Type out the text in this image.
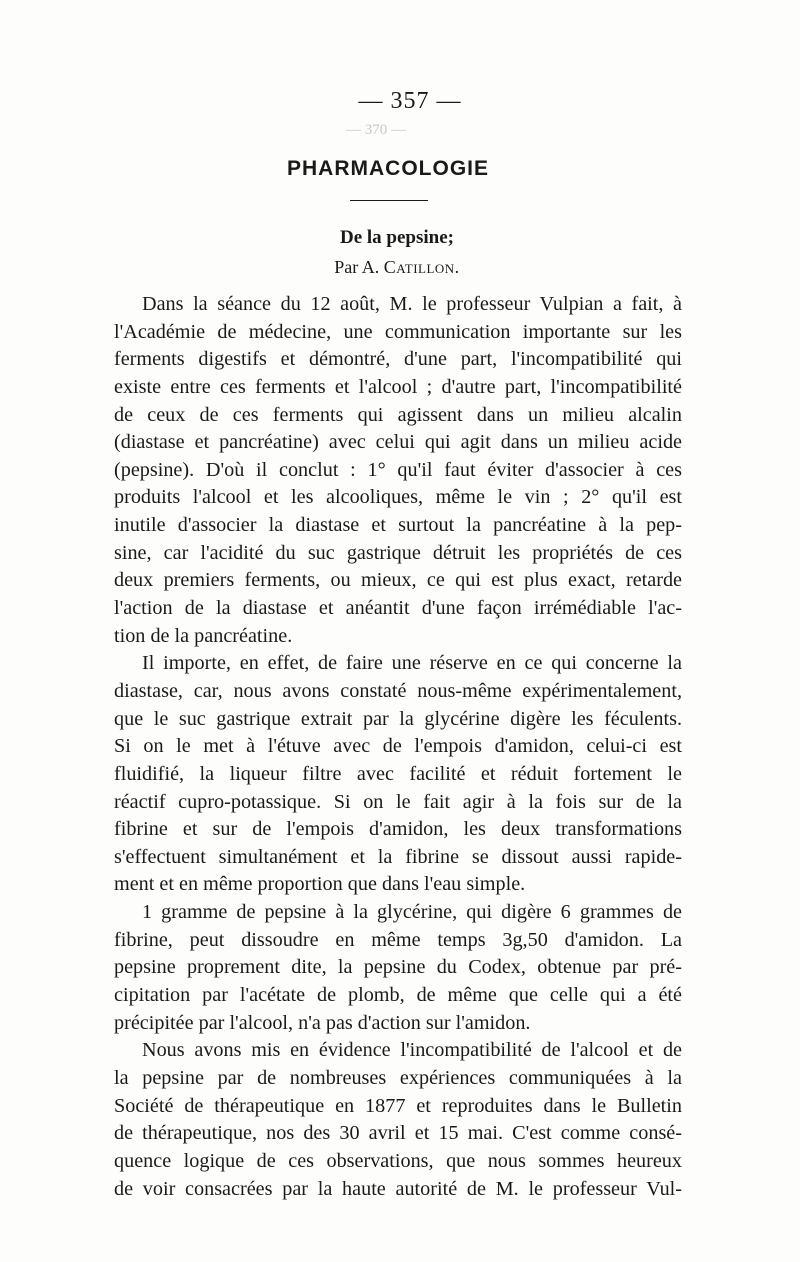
— 357 —
— 370 —
PHARMACOLOGIE
De la pepsine;
Par A. Catillon.
Dans la séance du 12 août, M. le professeur Vulpian a fait, à
l'Académie de médecine, une communication importante sur les
ferments digestifs et démontré, d'une part, l'incompatibilité qui
existe entre ces ferments et l'alcool ; d'autre part, l'incompatibilité
de ceux de ces ferments qui agissent dans un milieu alcalin
(diastase et pancréatine) avec celui qui agit dans un milieu acide
(pepsine). D'où il conclut : 1° qu'il faut éviter d'associer à ces
produits l'alcool et les alcooliques, même le vin ; 2° qu'il est
inutile d'associer la diastase et surtout la pancréatine à la pep-
sine, car l'acidité du suc gastrique détruit les propriétés de ces
deux premiers ferments, ou mieux, ce qui est plus exact, retarde
l'action de la diastase et anéantit d'une façon irrémédiable l'ac-
tion de la pancréatine.
Il importe, en effet, de faire une réserve en ce qui concerne la
diastase, car, nous avons constaté nous-même expérimentalement,
que le suc gastrique extrait par la glycérine digère les féculents.
Si on le met à l'étuve avec de l'empois d'amidon, celui-ci est
fluidifié, la liqueur filtre avec facilité et réduit fortement le
réactif cupro-potassique. Si on le fait agir à la fois sur de la
fibrine et sur de l'empois d'amidon, les deux transformations
s'effectuent simultanément et la fibrine se dissout aussi rapide-
ment et en même proportion que dans l'eau simple.
1 gramme de pepsine à la glycérine, qui digère 6 grammes de
fibrine, peut dissoudre en même temps 3g,50 d'amidon. La
pepsine proprement dite, la pepsine du Codex, obtenue par pré-
cipitation par l'acétate de plomb, de même que celle qui a été
précipitée par l'alcool, n'a pas d'action sur l'amidon.
Nous avons mis en évidence l'incompatibilité de l'alcool et de
la pepsine par de nombreuses expériences communiquées à la
Société de thérapeutique en 1877 et reproduites dans le Bulletin
de thérapeutique, nos des 30 avril et 15 mai. C'est comme consé-
quence logique de ces observations, que nous sommes heureux
de voir consacrées par la haute autorité de M. le professeur Vul-
